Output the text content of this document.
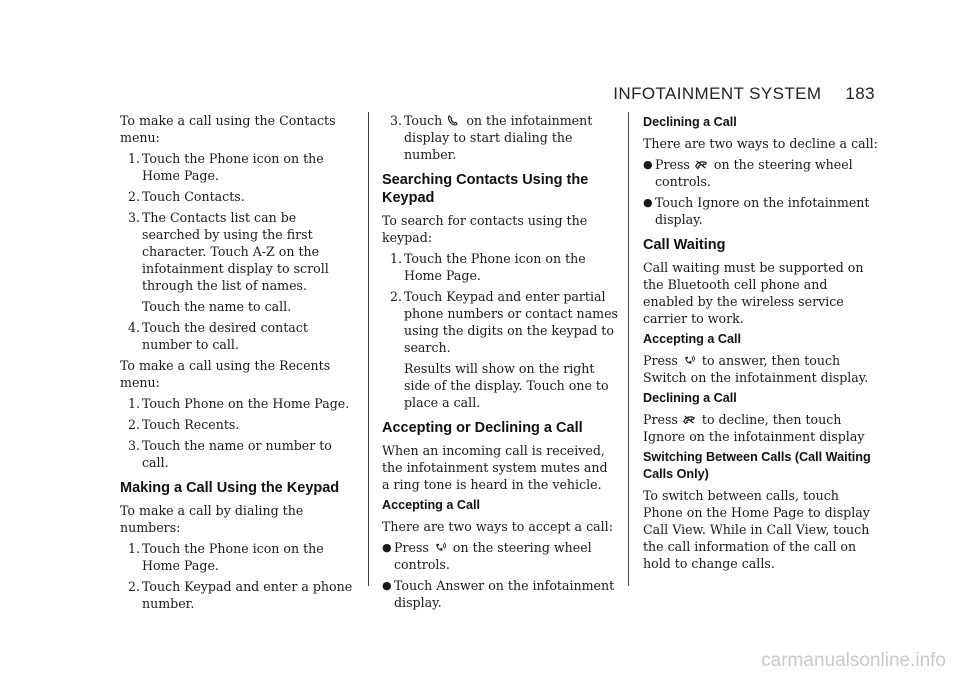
INFOTAINMENT SYSTEM 183

To make a call using the Contacts menu:

1. Touch the Phone icon on the Home Page.
2. Touch Contacts.
3. The Contacts list can be searched by using the first character. Touch A-Z on the infotainment display to scroll through the list of names.

Touch the name to call.

4. Touch the desired contact number to call.

To make a call using the Recents menu:

1. Touch Phone on the Home Page.
2. Touch Recents.
3. Touch the name or number to call.
Making a Call Using the Keypad

To make a call by dialing the numbers:

1. Touch the Phone icon on the Home Page.
2. Touch Keypad and enter a phone number.
3. Touch on the infotainment display to start dialing the number.
Searching Contacts Using the Keypad

To search for contacts using the keypad:

1. Touch the Phone icon on the Home Page.
2. Touch Keypad and enter partial phone numbers or contact names using the digits on the keypad to search.

Results will show on the right side of the display. Touch one to place a call.

Accepting or Declining a Call

When an incoming call is received, the infotainment system mutes and a ring tone is heard in the vehicle.

Accepting a Call

There are two ways to accept a call:

● Press on the steering wheel controls.
● Touch Answer on the infotainment display.
Declining a Call

There are two ways to decline a call:

● Press on the steering wheel controls.
● Touch Ignore on the infotainment display.
Call Waiting

Call waiting must be supported on the Bluetooth cell phone and enabled by the wireless service carrier to work.

Accepting a Call

Press to answer, then touch Switch on the infotainment display.

Declining a Call

Press to decline, then touch Ignore on the infotainment display

Switching Between Calls (Call Waiting Calls Only)

To switch between calls, touch Phone on the Home Page to display Call View. While in Call View, touch the call information of the call on hold to change calls.

carmanualsonline.info
